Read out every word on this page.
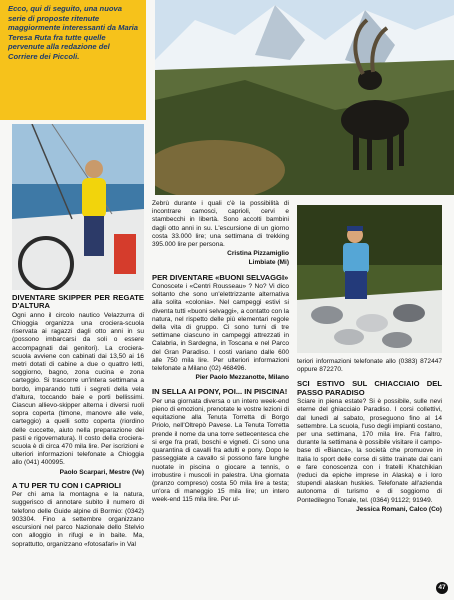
Ecco, qui di seguito, una nuova serie di proposte ritenute maggiormente interessanti da Maria Teresa Ruta fra tutte quelle pervenute alla redazione del Corriere dei Piccoli.

DIVENTARE SKIPPER PER REGATE D'ALTURA

Ogni anno il circolo nautico Velazzurra di Chioggia organizza una crociera-scuola riservata ai ragazzi dagli otto anni in su (possono imbarcarsi da soli o essere accompagnati dai genitori). La crociera-scuola avviene con cabinati dai 13,50 ai 16 metri dotati di cabine a due o quattro letti, soggiorno, bagno, zona cucina e zona carteggio. Si trascorre un'intera settimana a bordo, imparando tutti i segreti della vela d'altura, toccando baie e porti bellissimi. Ciascun allievo-skipper alterna i diversi ruoli sopra coperta (timone, manovre alle vele, carteggio) a quelli sotto coperta (riordino delle cuccette, aiuto nella preparazione dei pasti e rigovernatura). Il costo della crociera-scuola è di circa 470 mila lire. Per iscrizioni e ulteriori informazioni telefonate a Chioggia allo (041) 400995.

Paolo Scarpari, Mestre (Ve)
A TU PER TU CON I CAPRIOLI

Per chi ama la montagna e la natura, suggerisco di annotare subito il numero di telefono delle Guide alpine di Bormio: (0342) 903304. Fino a settembre organizzano escursioni nel parco Nazionale dello Stelvio con alloggio in rifugi e in baite. Ma, soprattutto, organizzano «fotosafari» in Val

Zebrù durante i quali c'è la possibilità di incontrare camosci, caprioli, cervi e stambecchi in libertà. Sono accolti bambini dagli otto anni in su. L'escursione di un giorno costa 33.000 lire; una settimana di trekking 395.000 lire per persona.

Cristina Pizzamiglio
Limbiate (Mi)
PER DIVENTARE «BUONI SELVAGGI»

Conoscete i «Centri Rousseau» ? No? Vi dico soltanto che sono un'elettrizzante alternativa alla solita «colonia». Nel campeggi estivi si diventa tutti «buoni selvaggi», a contatto con la natura, nel rispetto delle più elementari regole della vita di gruppo. Ci sono turni di tre settimane ciascuno in campeggi attrezzati in Calabria, in Sardegna, in Toscana e nel Parco del Gran Paradiso. I costi variano dalle 600 alle 750 mila lire. Per ulteriori informazioni telefonate a Milano (02) 468496.

Pier Paolo Mezzanotte, Milano
IN SELLA AI PONY, POI... IN PISCINA!

Per una giornata diversa o un intero week-end pieno di emozioni, prenotate le vostre lezioni di equitazione alla Tenuta Torretta di Borgo Priolo, nell'Oltrepò Pavese. La Tenuta Torretta prende il nome da una torre settecentesca che si erge fra prati, boschi e vigneti. Ci sono una quarantina di cavalli fra adulti e pony. Dopo le passeggiate a cavallo si possono fare lunghe nuotate in piscina o giocare a tennis, o irrobustire i muscoli in palestra. Una giornata (pranzo compreso) costa 50 mila lire a testa; un'ora di maneggio 15 mila lire; un intero week-end 115 mila lire. Per ul-

teriori informazioni telefonate allo (0383) 872447 oppure 872270.

SCI ESTIVO SUL CHIACCIAIO DEL PASSO PARADISO

Sciare in piena estate? Si è possibile, sulle nevi eterne del ghiacciaio Paradiso. I corsi collettivi, dal lunedì al sabato, proseguono fino al 14 settembre. La scuola, l'uso degli impianti costano, per una settimana, 170 mila lire. Fra l'altro, durante la settimana è possibile visitare il campo-base di «Bianca», la società che promuove in Italia lo sport delle corse di slitte trainate dai cani e fare conoscenza con i fratelli Khatchikian (reduci da epiche imprese in Alaska) e i loro stupendi alaskan huskies. Telefonate all'azienda autonoma di turismo e di soggiorno di Pontedilegno Tonale, tel. (0364) 91122; 91949.

Jessica Romani, Calco (Co)
47
